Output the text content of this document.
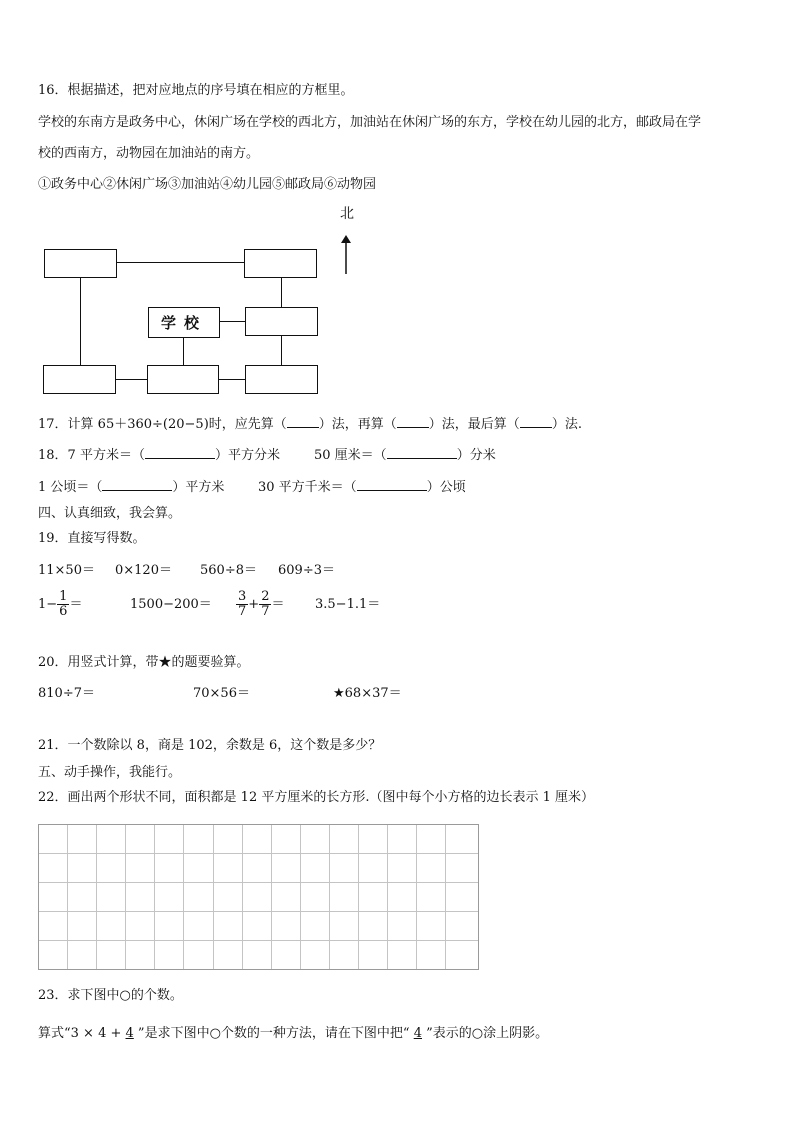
16．根据描述，把对应地点的序号填在相应的方框里。
学校的东南方是政务中心，休闲广场在学校的西北方，加油站在休闲广场的东方，学校在幼儿园的北方，邮政局在学
校的西南方，动物园在加油站的南方。
①政务中心②休闲广场③加油站④幼儿园⑤邮政局⑥动物园
北
学校
17．计算 65＋360÷(20−5)时，应先算（ ）法，再算（ ）法，最后算（ ）法.
18．7 平方米＝（	）平方分米	50 厘米＝（	）分米
1 公顷＝（	）平方米	30 平方千米＝（	）公顷
四、认真细致，我会算。
19．直接写得数。
11×50＝ 0×120＝ 560÷8＝ 609÷3＝
$1- \frac{1}{6}$ ＝	$1500-200= \frac{3}{7} + \frac{2}{7} = 3.5-1.1=$
20．用竖式计算，带★的题要验算。
810÷7＝	70×56＝	★68×37＝
21．一个数除以 8，商是 102，余数是 6，这个数是多少？
五、动手操作，我能行。
22．画出两个形状不同，面积都是 12 平方厘米的长方形.（图中每个小方格的边长表示 1 厘米）
23．求下图中○的个数。
算式“3 × 4 + 4 ”是求下图中○个数的一种方法，请在下图中把“ 4 ”表示的○涂上阴影。
